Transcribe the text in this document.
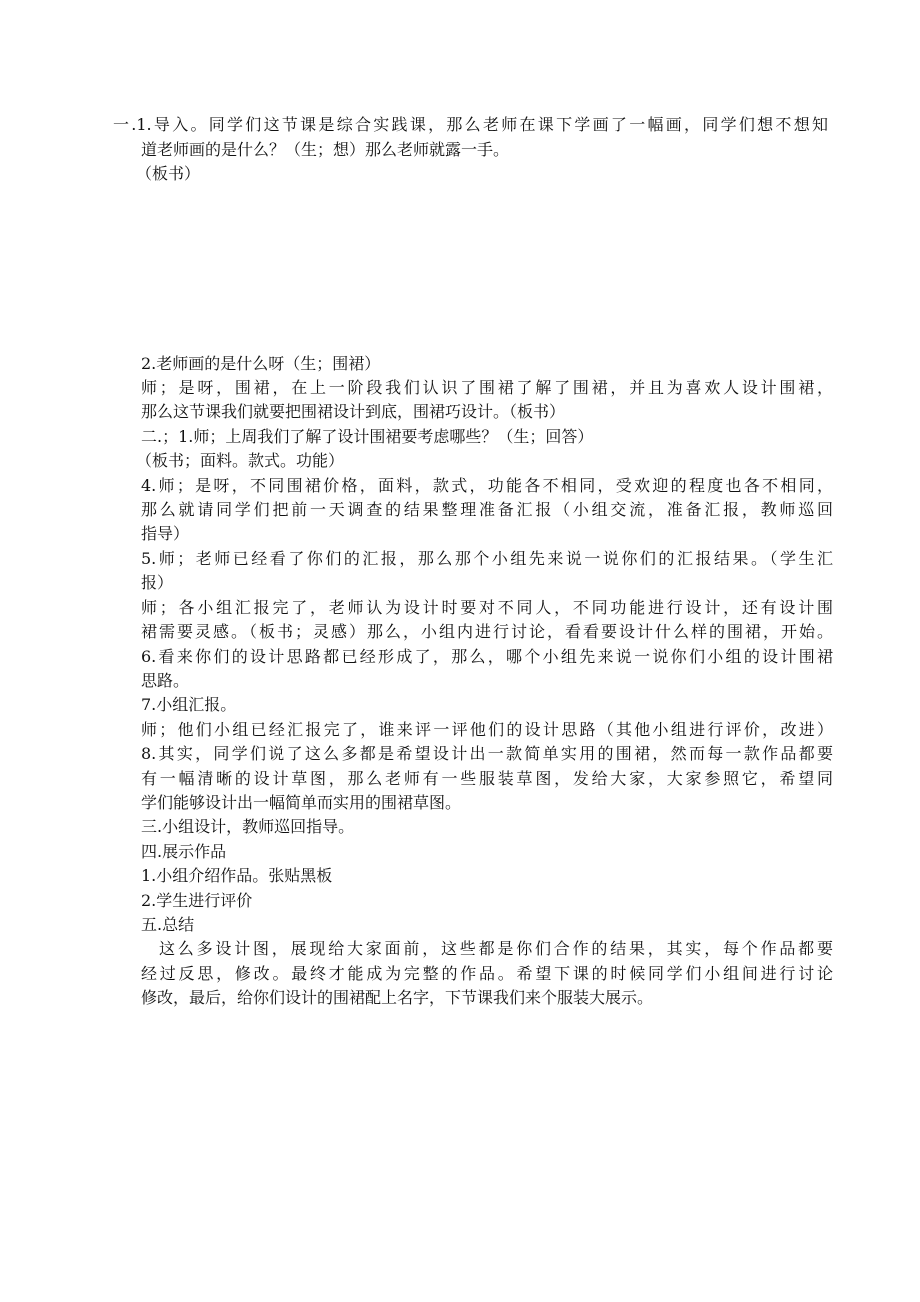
一.1.导入。同学们这节课是综合实践课，那么老师在课下学画了一幅画，同学们想不想知
道老师画的是什么？（生；想）那么老师就露一手。
（板书）
2.老师画的是什么呀（生；围裙）
师；是呀，围裙，在上一阶段我们认识了围裙了解了围裙，并且为喜欢人设计围裙，
那么这节课我们就要把围裙设计到底，围裙巧设计。（板书）
二.；1.师；上周我们了解了设计围裙要考虑哪些？（生；回答）
（板书；面料。款式。功能）
4.师；是呀，不同围裙价格，面料，款式，功能各不相同，受欢迎的程度也各不相同，
那么就请同学们把前一天调查的结果整理准备汇报（小组交流，准备汇报，教师巡回
指导）
5.师；老师已经看了你们的汇报，那么那个小组先来说一说你们的汇报结果。（学生汇
报）
师；各小组汇报完了，老师认为设计时要对不同人，不同功能进行设计，还有设计围
裙需要灵感。（板书；灵感）那么，小组内进行讨论，看看要设计什么样的围裙，开始。
6.看来你们的设计思路都已经形成了，那么，哪个小组先来说一说你们小组的设计围裙
思路。
7.小组汇报。
师；他们小组已经汇报完了，谁来评一评他们的设计思路（其他小组进行评价，改进）
8.其实，同学们说了这么多都是希望设计出一款简单实用的围裙，然而每一款作品都要
有一幅清晰的设计草图，那么老师有一些服装草图，发给大家，大家参照它，希望同
学们能够设计出一幅简单而实用的围裙草图。
三.小组设计，教师巡回指导。
四.展示作品
1.小组介绍作品。张贴黑板
2.学生进行评价
五.总结
这么多设计图，展现给大家面前，这些都是你们合作的结果，其实，每个作品都要
经过反思，修改。最终才能成为完整的作品。希望下课的时候同学们小组间进行讨论
修改，最后，给你们设计的围裙配上名字，下节课我们来个服装大展示。
